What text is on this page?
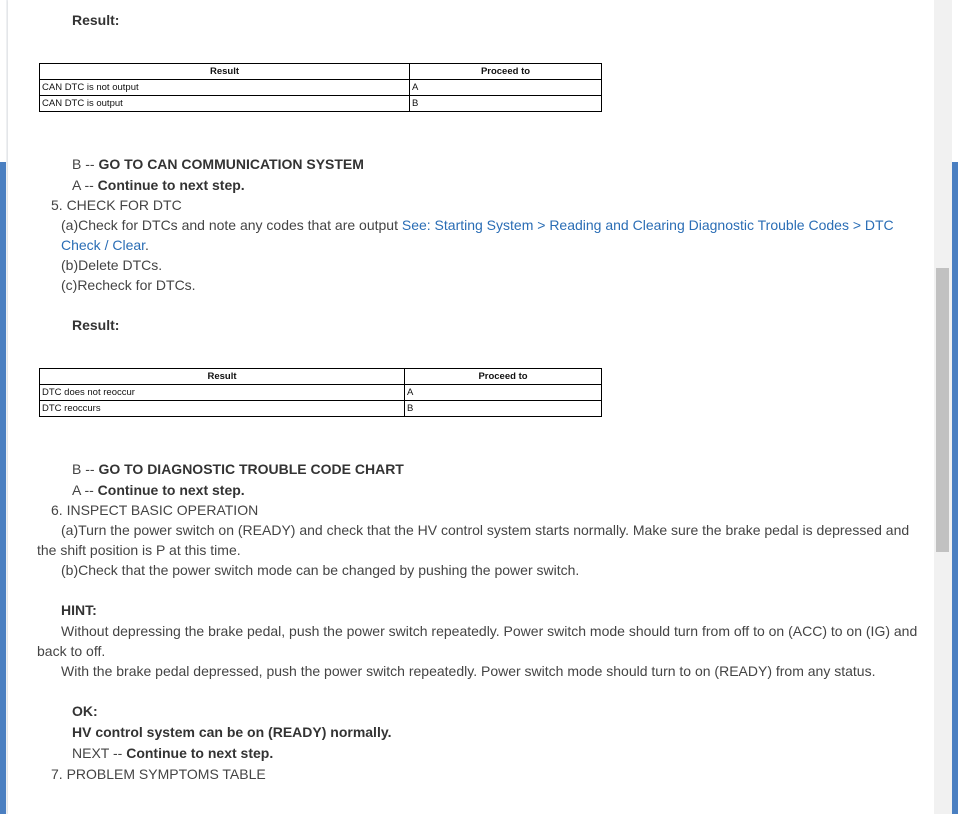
Result:

Result	Proceed to
CAN DTC is not output	A
CAN DTC is output	B

B -- GO TO CAN COMMUNICATION SYSTEM

A -- Continue to next step.

5. CHECK FOR DTC

(a)Check for DTCs and note any codes that are output See: Starting System > Reading and Clearing Diagnostic Trouble Codes > DTC Check / Clear.

(b)Delete DTCs.

(c)Recheck for DTCs.

Result:

Result	Proceed to
DTC does not reoccur	A
DTC reoccurs	B

B -- GO TO DIAGNOSTIC TROUBLE CODE CHART

A -- Continue to next step.

6. INSPECT BASIC OPERATION

(a)Turn the power switch on (READY) and check that the HV control system starts normally. Make sure the brake pedal is depressed and the shift position is P at this time.

(b)Check that the power switch mode can be changed by pushing the power switch.

HINT:

Without depressing the brake pedal, push the power switch repeatedly. Power switch mode should turn from off to on (ACC) to on (IG) and back to off.

With the brake pedal depressed, push the power switch repeatedly. Power switch mode should turn to on (READY) from any status.

OK:

HV control system can be on (READY) normally.

NEXT -- Continue to next step.

7. PROBLEM SYMPTOMS TABLE
